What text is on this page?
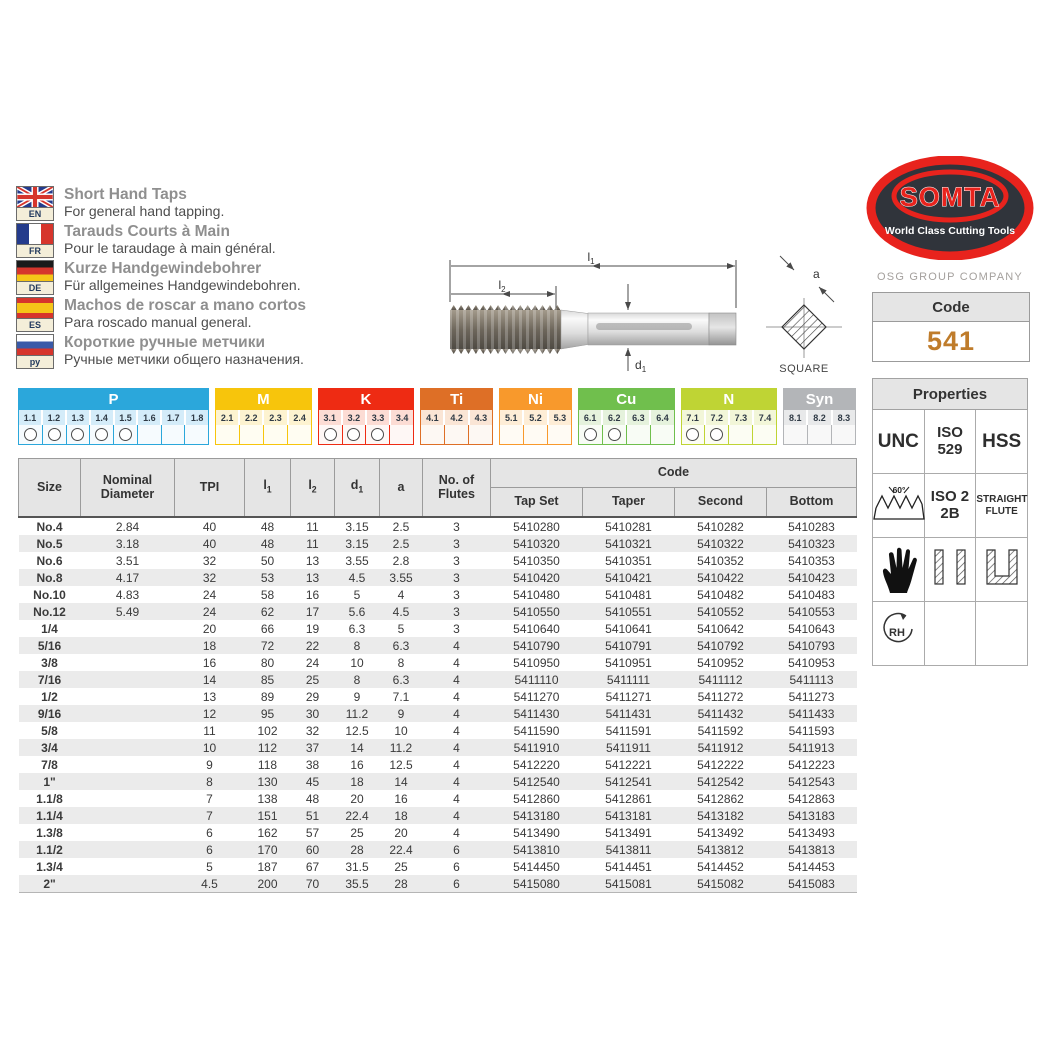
EN
Short Hand Taps
For general hand tapping.
FR
Tarauds Courts à Main
Pour le taraudage à main général.
DE
Kurze Handgewindebohrer
Für allgemeines Handgewindebohren.
ES
Machos de roscar a mano cortos
Para roscado manual general.
ру
Короткие ручные метчики
Ручные метчики общего назначения.
$l_1$
$l_2$
$d_1$
a
SQUARE
SOMTA
World Class Cutting Tools
OSG GROUP COMPANY
Code
541
Properties		
UNC	ISO 529	HSS

60°	ISO 2 2B	STRAIGHT FLUTE

RH		

P
1.1	1.2	1.3	1.4	1.5	1.6	1.7	1.8
M
2.1	2.2	2.3	2.4
K
3.1	3.2	3.3	3.4
Ti
4.1	4.2	4.3
Ni
5.1	5.2	5.3
Cu
6.1	6.2	6.3	6.4
N
7.1	7.2	7.3	7.4
Syn
8.1	8.2	8.3
Size	Nominal Diameter	TPI	$l_1$	$l_2$	$d_1$	a	No. of Flutes	Code			
								Tap Set	Taper	Second	Bottom
No.4	2.84	40	48	11	3.15	2.5	3	5410280	5410281	5410282	5410283
No.5	3.18	40	48	11	3.15	2.5	3	5410320	5410321	5410322	5410323
No.6	3.51	32	50	13	3.55	2.8	3	5410350	5410351	5410352	5410353
No.8	4.17	32	53	13	4.5	3.55	3	5410420	5410421	5410422	5410423
No.10	4.83	24	58	16	5	4	3	5410480	5410481	5410482	5410483
No.12	5.49	24	62	17	5.6	4.5	3	5410550	5410551	5410552	5410553
1/4		20	66	19	6.3	5	3	5410640	5410641	5410642	5410643
5/16		18	72	22	8	6.3	4	5410790	5410791	5410792	5410793
3/8		16	80	24	10	8	4	5410950	5410951	5410952	5410953
7/16		14	85	25	8	6.3	4	5411110	5411111	5411112	5411113
1/2		13	89	29	9	7.1	4	5411270	5411271	5411272	5411273
9/16		12	95	30	11.2	9	4	5411430	5411431	5411432	5411433
5/8		11	102	32	12.5	10	4	5411590	5411591	5411592	5411593
3/4		10	112	37	14	11.2	4	5411910	5411911	5411912	5411913
7/8		9	118	38	16	12.5	4	5412220	5412221	5412222	5412223
1"		8	130	45	18	14	4	5412540	5412541	5412542	5412543
1.1/8		7	138	48	20	16	4	5412860	5412861	5412862	5412863
1.1/4		7	151	51	22.4	18	4	5413180	5413181	5413182	5413183
1.3/8		6	162	57	25	20	4	5413490	5413491	5413492	5413493
1.1/2		6	170	60	28	22.4	6	5413810	5413811	5413812	5413813
1.3/4		5	187	67	31.5	25	6	5414450	5414451	5414452	5414453
2"		4.5	200	70	35.5	28	6	5415080	5415081	5415082	5415083
